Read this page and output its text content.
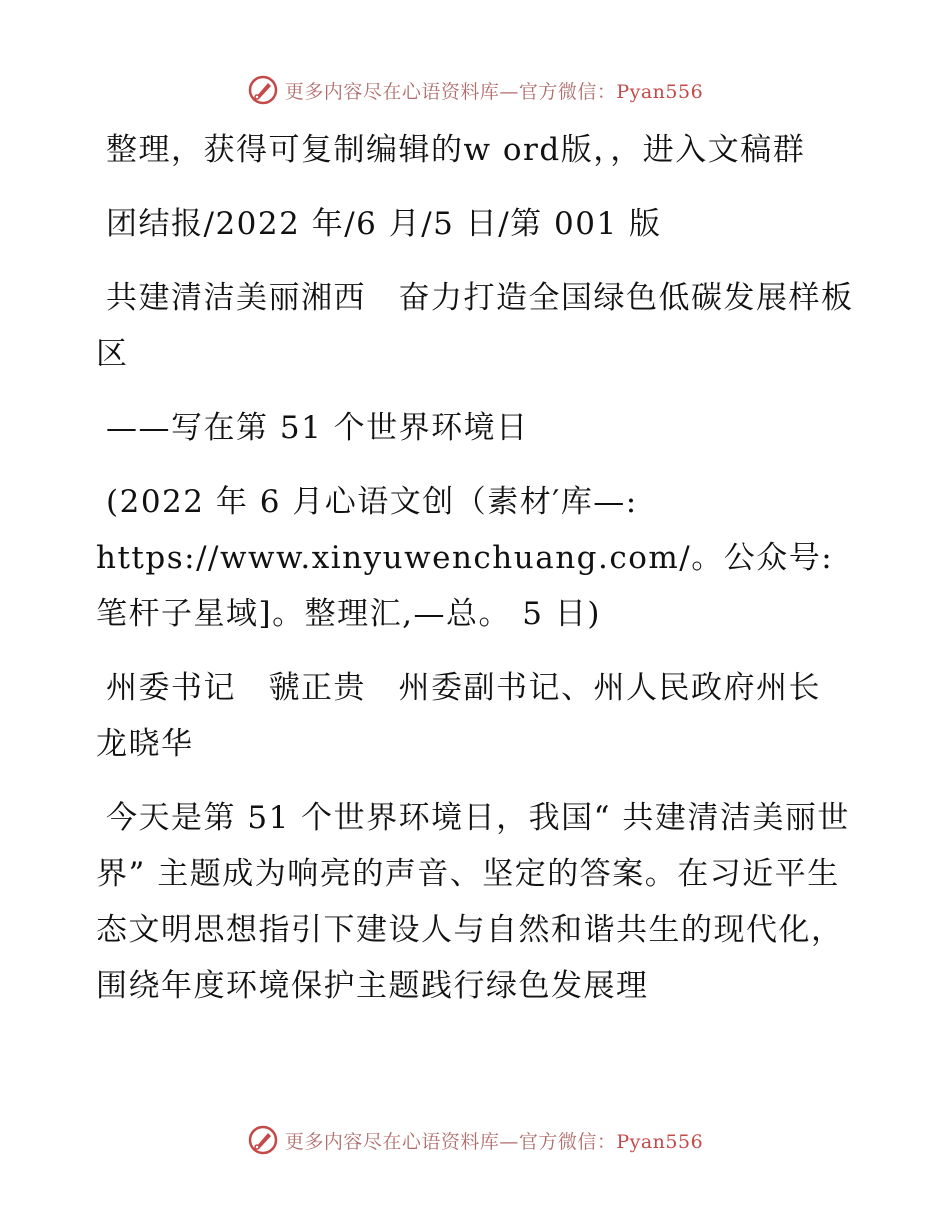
更多内容尽在心语资料库—官方微信：Pyan556

整理，获得可复制编辑的w ord版，，进入文稿群

团结报/2022 年/6 月/5 日/第 001 版

共建清洁美丽湘西　奋力打造全国绿色低碳发展样板区

——写在第 51 个世界环境日

(2022 年 6 月心语文创（素材′库—: https://www.xinyuwenchuang.com/。公众号: 笔杆子星域]。整理汇,—总。 5 日)

州委书记　虢正贵　州委副书记、州人民政府州长　龙晓华

今天是第 51 个世界环境日，我国“ 共建清洁美丽世界” 主题成为响亮的声音、坚定的答案。在习近平生态文明思想指引下建设人与自然和谐共生的现代化，围绕年度环境保护主题践行绿色发展理

更多内容尽在心语资料库—官方微信：Pyan556
